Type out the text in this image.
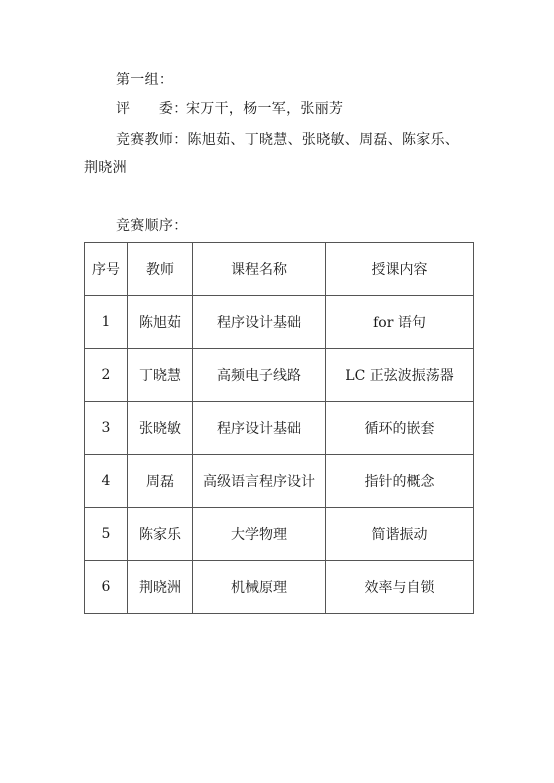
第一组：
评　　委：宋万干，杨一军，张丽芳
竞赛教师：陈旭茹、丁晓慧、张晓敏、周磊、陈家乐、
荆晓洲
竞赛顺序：
序号	教师	课程名称	授课内容
1	陈旭茹	程序设计基础	for 语句
2	丁晓慧	高频电子线路	LC 正弦波振荡器
3	张晓敏	程序设计基础	循环的嵌套
4	周磊	高级语言程序设计	指针的概念
5	陈家乐	大学物理	简谐振动
6	荆晓洲	机械原理	效率与自锁
